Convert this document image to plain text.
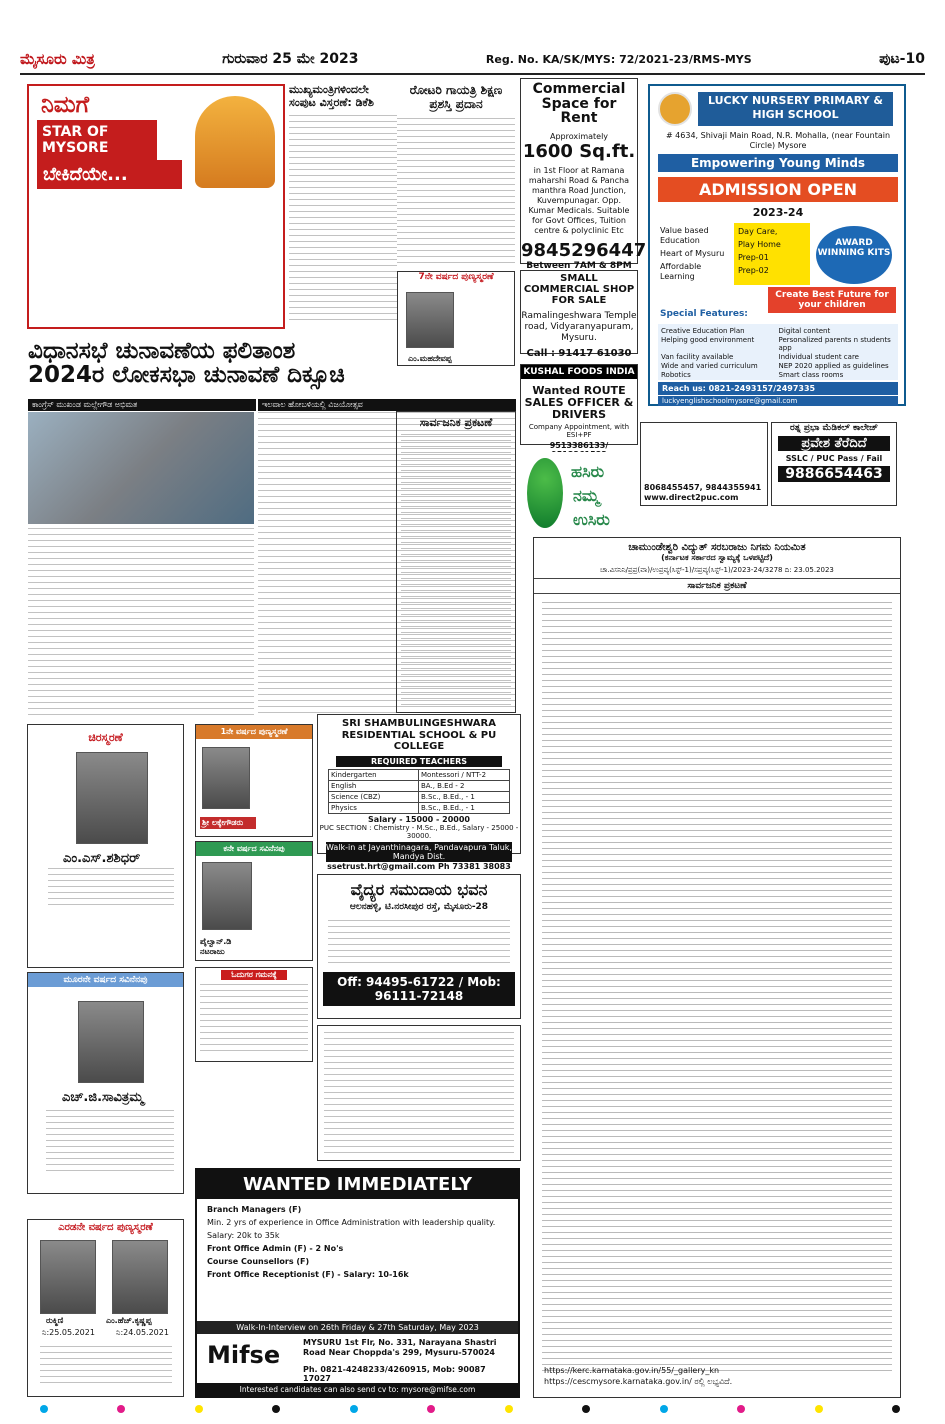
ಮೈಸೂರು ಮಿತ್ರ	ಗುರುವಾರ 25 ಮೇ 2023	Reg. No. KA/SK/MYS: 72/2021-23/RMS-MYS	ಪುಟ-10
ನಿಮಗೆ
STAR OF MYSORE
ಬೇಕಿದೆಯೇ...
ಮುಖ್ಯಮಂತ್ರಿಗಳಿಂದಲೇ ಸಂಪುಟ ವಿಸ್ತರಣೆ: ಡಿಕೆಶಿ
ರೋಟರಿ ಗಾಯತ್ರಿ ಶಿಕ್ಷಣ ಪ್ರಶಸ್ತಿ ಪ್ರದಾನ
7ನೇ ವರ್ಷದ ಪುಣ್ಯಸ್ಮರಣೆ
ಎಂ.ಮಹದೇವಪ್ಪ
Commercial Space for Rent
Approximately
1600 Sq.ft.
in 1st Floor at Ramana maharshi Road & Pancha manthra Road Junction, Kuvempunagar. Opp. Kumar Medicals. Suitable for Govt Offices, Tuition centre & polyclinic Etc
9845296447
Between 7AM & 8PM
SMALL COMMERCIAL SHOP FOR SALE
Ramalingeshwara Temple road, Vidyaranyapuram, Mysuru.
Call : 91417 61030
KUSHAL FOODS INDIA
Wanted ROUTE SALES OFFICER & DRIVERS
Company Appointment, with ESI+PF
9513386133/
ಹಸಿರು
ನಮ್ಮ
ಉಸಿರು
LUCKY NURSERY PRIMARY & HIGH SCHOOL
# 4634, Shivaji Main Road, N.R. Mohalla, (near Fountain Circle) Mysore
Empowering Young Minds
ADMISSION OPEN
2023-24
Value based Education
Heart of Mysuru
Affordable Learning
Day Care,
Play Home
Prep-01
Prep-02
AWARD WINNING KITS
Create Best Future for your children
Special Features:
Creative Education Plan	Digital content
Helping good environment	Personalized parents n students app
Van facility available	Individual student care
Wide and varied curriculum	NEP 2020 applied as guidelines
Robotics	Smart class rooms
Reach us: 0821-2493157/2497335
luckyenglishschoolmysore@gmail.com
ವಿಧಾನಸಭೆ ಚುನಾವಣೆಯ ಫಲಿತಾಂಶ
2024ರ ಲೋಕಸಭಾ ಚುನಾವಣೆ ದಿಕ್ಸೂಚಿ
ಕಾಂಗ್ರೆಸ್ ಮುಖಂಡ ಮಲ್ಲೇಗೌಡ ಅಭಿಮತ	ಇಲವಾಲ ಹೋಬಳಿಯಲ್ಲಿ ವಿಜಯೋತ್ಸವ
ಸಾರ್ವಜನಿಕ ಪ್ರಕಟಣೆ
8068455457, 9844355941
www.direct2puc.com
ರತ್ನ ಪ್ರಭಾ ಮೆಡಿಕಲ್ ಕಾಲೇಜ್
ಪ್ರವೇಶ ತೆರೆದಿದೆ
SSLC / PUC Pass / Fail
9886654463
ಚಿರಸ್ಮರಣೆ
ಎಂ.ಎಸ್.ಶಶಿಧರ್
ಮೂರನೇ ವರ್ಷದ ಸವಿನೆನಪು
ಎಚ್.ಜಿ.ಸಾವಿತ್ರಮ್ಮ
ಎರಡನೇ ವರ್ಷದ ಪುಣ್ಯಸ್ಮರಣೆ
ರುಕ್ಮಿಣಿ	ಎಂ.ಹೆಚ್.ಕೃಷ್ಣಪ್ಪ
ನಿ:25.05.2021	ನಿ:24.05.2021
1ನೇ ವರ್ಷದ ಪುಣ್ಯಸ್ಮರಣೆ
ಶ್ರೀ ಲಕ್ಕೇಗೌಡರು
ಕನೇ ವರ್ಷದ ಸವಿನೆನಪು
ಪೈಲ್ವಾನ್.ಡಿ ನಟರಾಜು
ಓದುಗರ ಗಮನಕ್ಕೆ
SRI SHAMBULINGESHWARA RESIDENTIAL SCHOOL & PU COLLEGE
REQUIRED TEACHERS
Kindergarten	Montessori / NTT-2
English	BA., B.Ed - 2
Science (CBZ)	B.Sc., B.Ed., - 1
Physics	B.Sc., B.Ed., - 1
Salary - 15000 - 20000
PUC SECTION : Chemistry - M.Sc., B.Ed., Salary - 25000 - 30000.
Walk-in at Jayanthinagara, Pandavapura Taluk, Mandya Dist.
ssetrust.hrt@gmail.com Ph 73381 38083
ವೈದ್ಯರ ಸಮುದಾಯ ಭವನ
ಆಲನಹಳ್ಳಿ, ಟಿ.ನರಸೀಪುರ ರಸ್ತೆ, ಮೈಸೂರು-28
Off: 94495-61722 / Mob: 96111-72148
WANTED IMMEDIATELY
Branch Managers (F)
Min. 2 yrs of experience in Office Administration with leadership quality.
Salary: 20k to 35k
Front Office Admin (F) - 2 No's
Course Counsellors (F)
Front Office Receptionist (F) - Salary: 10-16k
Walk-In-Interview on 26th Friday & 27th Saturday, May 2023
Mifse	MYSURU 1st Flr, No. 331, Narayana Shastri Road Near Choppda's 299, Mysuru-570024
Ph. 0821-4248233/4260915, Mob: 90087 17027
Interested candidates can also send cv to: mysore@mifse.com
ಚಾಮುಂಡೇಶ್ವರಿ ವಿದ್ಯುತ್ ಸರಬರಾಜು ನಿಗಮ ನಿಯಮಿತ
(ಕರ್ನಾಟಕ ಸರ್ಕಾರದ ಸ್ವಾಮ್ಯಕ್ಕೆ ಒಳಪಟ್ಟಿದೆ)
ಚಾ.ವಿಸನಿನಿ/ಪ್ರಪ್ರ(ವಾ)/ಉಪ್ರವ್ಯ(ಸಿಸ್ಟ್-1)/ಸಪ್ರವ್ಯ(ಸಿಸ್ಟ್-1)/2023-24/3278 ದಿ: 23.05.2023
ಸಾರ್ವಜನಿಕ ಪ್ರಕಟಣೆ
https://kerc.karnataka.gov.in/55/_gallery_kn
https://cescmysore.karnataka.gov.in/ ರಲ್ಲಿ ಲಭ್ಯವಿದೆ.
